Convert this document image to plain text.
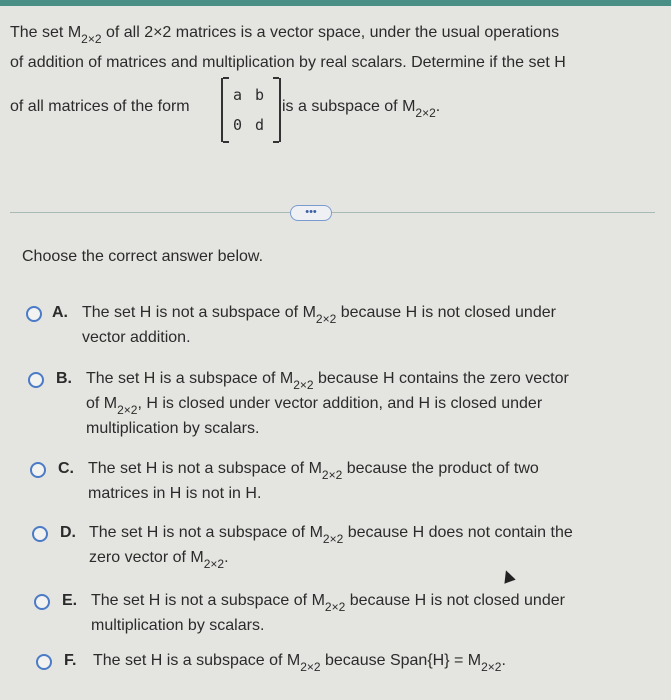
The set $M_{2\times 2}$ of all 2×2 matrices is a vector space, under the usual operations
of addition of matrices and multiplication by real scalars. Determine if the set H
of all matrices of the form
a b
0 d
is a subspace of $M_{2\times 2}$.
•••
Choose the correct answer below.
A. The set H is not a subspace of $M_{2\times 2}$ because H is not closed under
vector addition.
B. The set H is a subspace of $M_{2\times 2}$ because H contains the zero vector
of $M_{2\times 2}$, H is closed under vector addition, and H is closed under
multiplication by scalars.
C. The set H is not a subspace of $M_{2\times 2}$ because the product of two
matrices in H is not in H.
D. The set H is not a subspace of $M_{2\times 2}$ because H does not contain the
zero vector of $M_{2\times 2}$.
E. The set H is not a subspace of $M_{2\times 2}$ because H is not closed under
multiplication by scalars.
F. The set H is a subspace of $M_{2\times 2}$ because Span{H} = $M_{2\times 2}$.
